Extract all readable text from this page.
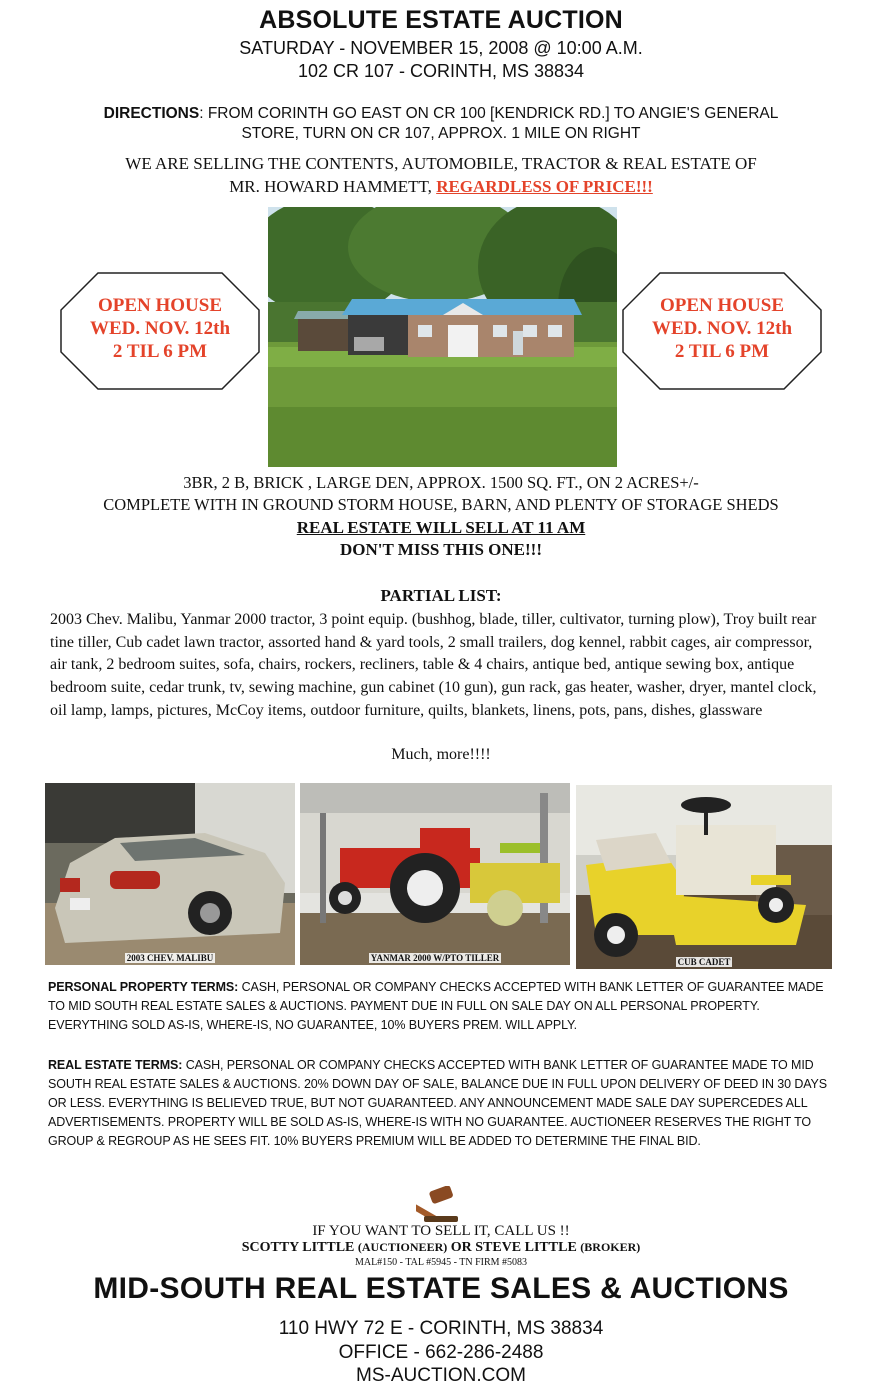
ABSOLUTE ESTATE AUCTION
SATURDAY - NOVEMBER 15, 2008 @ 10:00 A.M.
102 CR 107 - CORINTH, MS 38834
DIRECTIONS: FROM CORINTH GO EAST ON CR 100 [KENDRICK RD.] TO ANGIE'S GENERAL
STORE, TURN ON CR 107, APPROX. 1 MILE ON RIGHT
WE ARE SELLING THE CONTENTS, AUTOMOBILE, TRACTOR & REAL ESTATE OF
MR. HOWARD HAMMETT, REGARDLESS OF PRICE!!!
OPEN HOUSE
WED. NOV. 12th
2 TIL 6 PM
OPEN HOUSE
WED. NOV. 12th
2 TIL 6 PM
3BR, 2 B, BRICK , LARGE DEN, APPROX. 1500 SQ. FT., ON 2 ACRES+/-
COMPLETE WITH IN GROUND STORM HOUSE, BARN, AND PLENTY OF STORAGE SHEDS
REAL ESTATE WILL SELL AT 11 AM
DON'T MISS THIS ONE!!!
PARTIAL LIST:
2003 Chev. Malibu, Yanmar 2000 tractor, 3 point equip. (bushhog, blade, tiller, cultivator, turning plow), Troy built rear tine tiller, Cub cadet lawn tractor, assorted hand & yard tools, 2 small trailers, dog kennel, rabbit cages, air compressor, air tank, 2 bedroom suites, sofa, chairs, rockers, recliners, table & 4 chairs, antique bed, antique sewing box, antique bedroom suite, cedar trunk, tv, sewing machine, gun cabinet (10 gun), gun rack, gas heater, washer, dryer, mantel clock, oil lamp, lamps, pictures, McCoy items, outdoor furniture, quilts, blankets, linens, pots, pans, dishes, glassware
Much, more!!!!
2003 CHEV. MALIBU	YANMAR 2000 W/PTO TILLER	CUB CADET
PERSONAL PROPERTY TERMS: CASH, PERSONAL OR COMPANY CHECKS ACCEPTED WITH BANK LETTER OF GUARANTEE MADE TO MID SOUTH REAL ESTATE SALES & AUCTIONS. PAYMENT DUE IN FULL ON SALE DAY ON ALL PERSONAL PROPERTY. EVERYTHING SOLD AS-IS, WHERE-IS, NO GUARANTEE, 10% BUYERS PREM. WILL APPLY.
REAL ESTATE TERMS: CASH, PERSONAL OR COMPANY CHECKS ACCEPTED WITH BANK LETTER OF GUARANTEE MADE TO MID SOUTH REAL ESTATE SALES & AUCTIONS. 20% DOWN DAY OF SALE, BALANCE DUE IN FULL UPON DELIVERY OF DEED IN 30 DAYS OR LESS. EVERYTHING IS BELIEVED TRUE, BUT NOT GUARANTEED. ANY ANNOUNCEMENT MADE SALE DAY SUPERCEDES ALL ADVERTISEMENTS. PROPERTY WILL BE SOLD AS-IS, WHERE-IS WITH NO GUARANTEE. AUCTIONEER RESERVES THE RIGHT TO GROUP & REGROUP AS HE SEES FIT. 10% BUYERS PREMIUM WILL BE ADDED TO DETERMINE THE FINAL BID.
IF YOU WANT TO SELL IT, CALL US !!
SCOTTY LITTLE (AUCTIONEER) OR STEVE LITTLE (BROKER)
MAL#150 - TAL #5945 - TN FIRM #5083
MID-SOUTH REAL ESTATE SALES & AUCTIONS
110 HWY 72 E - CORINTH, MS 38834
OFFICE - 662-286-2488
MS-AUCTION.COM
